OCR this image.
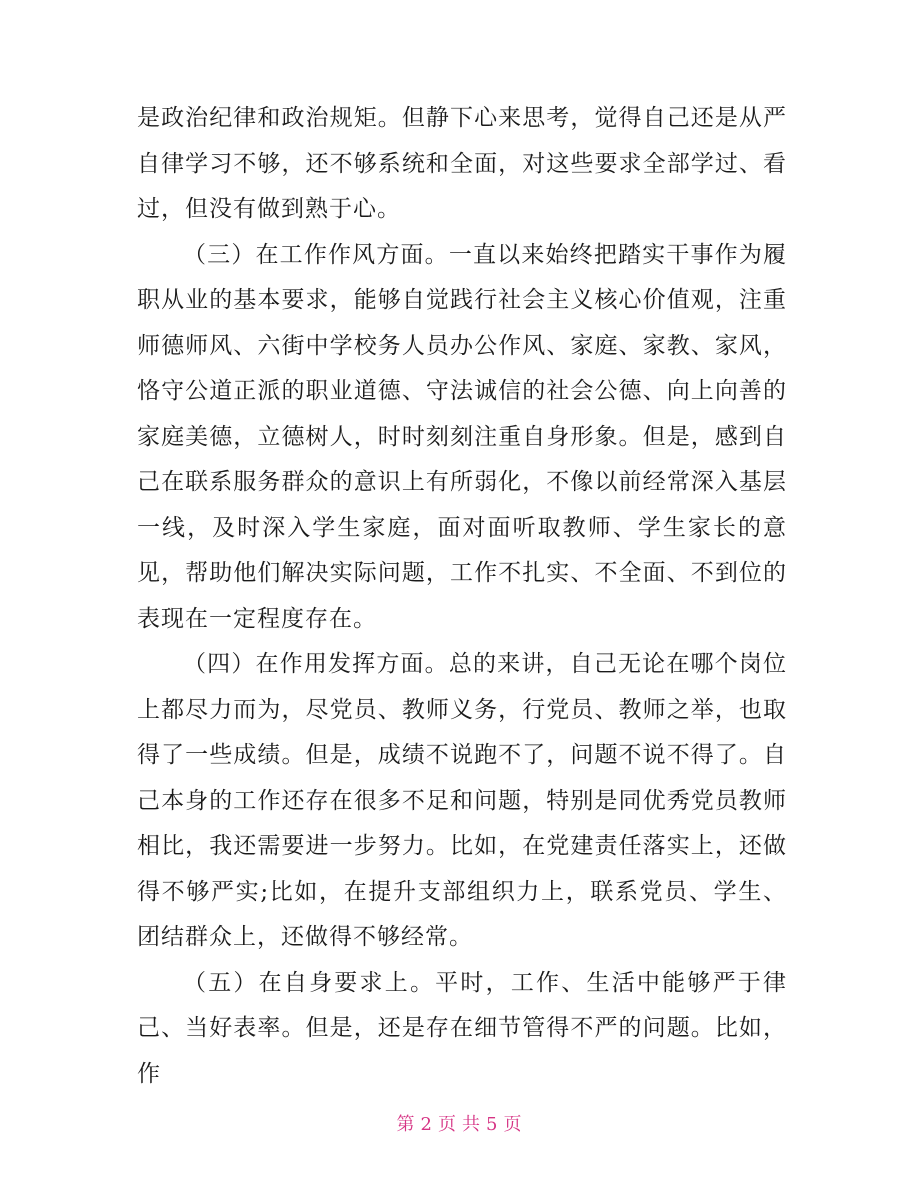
是政治纪律和政治规矩。但静下心来思考，觉得自己还是从严自律学习不够，还不够系统和全面，对这些要求全部学过、看过，但没有做到熟于心。

（三）在工作作风方面。一直以来始终把踏实干事作为履职从业的基本要求，能够自觉践行社会主义核心价值观，注重师德师风、六街中学校务人员办公作风、家庭、家教、家风，恪守公道正派的职业道德、守法诚信的社会公德、向上向善的家庭美德，立德树人，时时刻刻注重自身形象。但是，感到自己在联系服务群众的意识上有所弱化，不像以前经常深入基层一线，及时深入学生家庭，面对面听取教师、学生家长的意见，帮助他们解决实际问题，工作不扎实、不全面、不到位的表现在一定程度存在。

（四）在作用发挥方面。总的来讲，自己无论在哪个岗位上都尽力而为，尽党员、教师义务，行党员、教师之举，也取得了一些成绩。但是，成绩不说跑不了，问题不说不得了。自己本身的工作还存在很多不足和问题，特别是同优秀党员教师相比，我还需要进一步努力。比如，在党建责任落实上，还做得不够严实;比如，在提升支部组织力上，联系党员、学生、团结群众上，还做得不够经常。

（五）在自身要求上。平时，工作、生活中能够严于律己、当好表率。但是，还是存在细节管得不严的问题。比如，作

第 2 页 共 5 页
